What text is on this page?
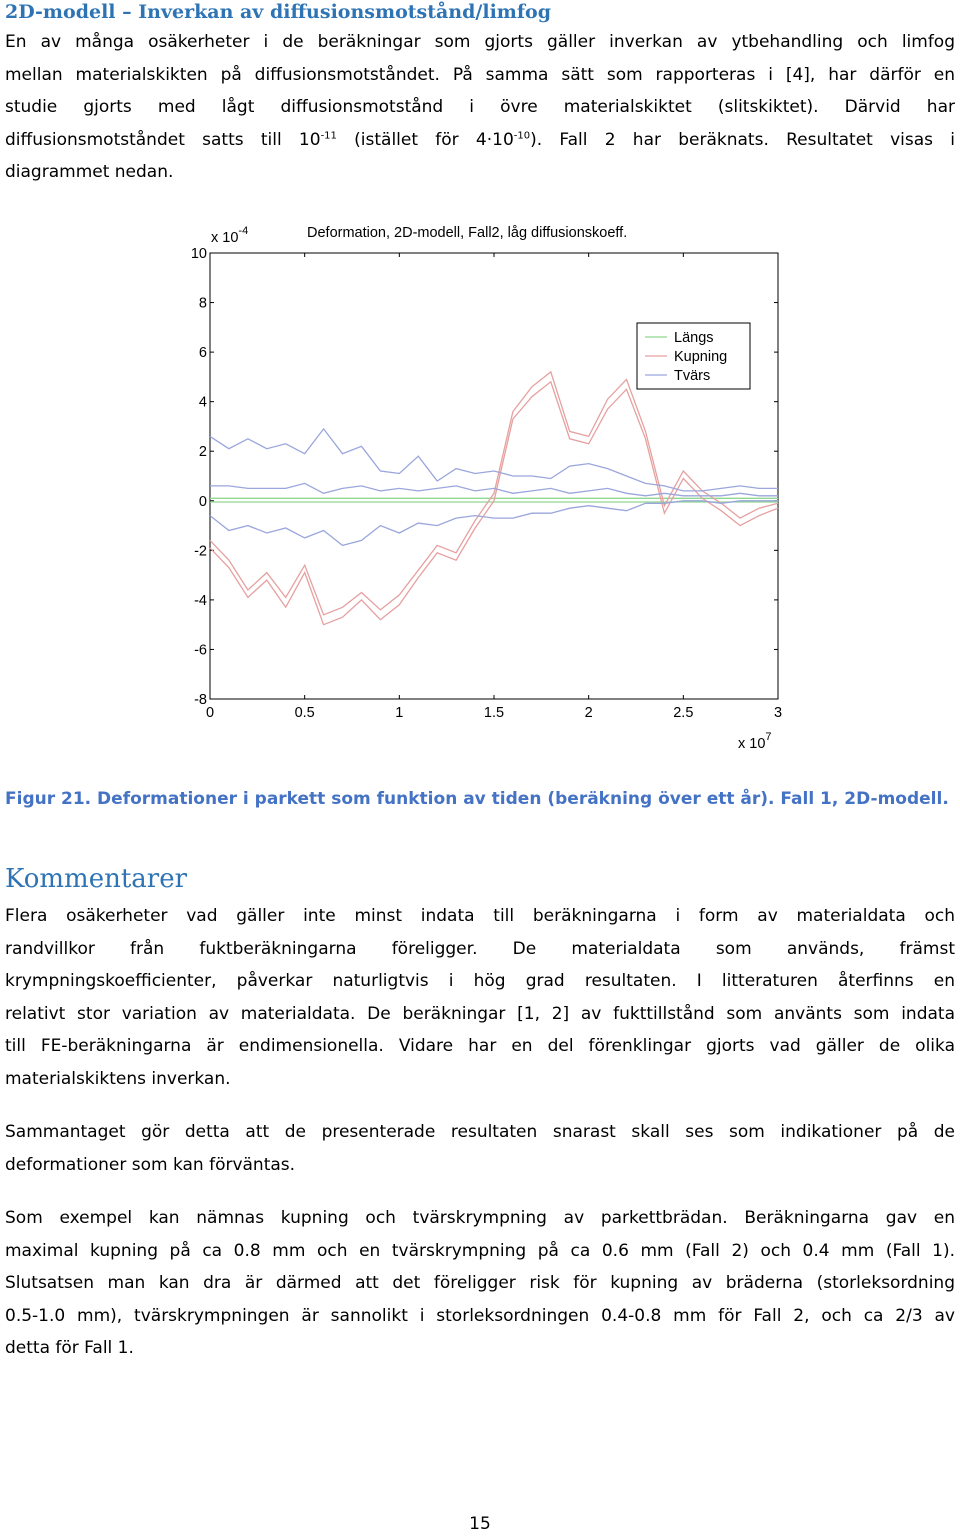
2D-modell – Inverkan av diffusionsmotstånd/limfog
En av många osäkerheter i de beräkningar som gjorts gäller inverkan av ytbehandling och limfog
mellan materialskikten på diffusionsmotståndet. På samma sätt som rapporteras i [4], har därför en
studie gjorts med lågt diffusionsmotstånd i övre materialskiktet (slitskiktet). Därvid har
diffusionsmotståndet satts till $10^{-11}$ (istället för $4\cdot 10^{-10}$). Fall 2 har beräknats. Resultatet visas i
diagrammet nedan.
10
8
6
4
2
0
-2
-4
-6
-8
0	0.5	1	1.5	2	2.5	3
Deformation, 2D-modell, Fall2, låg diffusionskoeff.
x $10^{-4}$
x $10^7$
Längs
Kupning
Tvärs
Figur 21. Deformationer i parkett som funktion av tiden (beräkning över ett år). Fall 1, 2D-modell.
Kommentarer
Flera osäkerheter vad gäller inte minst indata till beräkningarna i form av materialdata och
randvillkor från fuktberäkningarna föreligger. De materialdata som används, främst
krympningskoefficienter, påverkar naturligtvis i hög grad resultaten. I litteraturen återfinns en
relativt stor variation av materialdata. De beräkningar [1, 2] av fukttillstånd som använts som indata
till FE-beräkningarna är endimensionella. Vidare har en del förenklingar gjorts vad gäller de olika
materialskiktens inverkan.
Sammantaget gör detta att de presenterade resultaten snarast skall ses som indikationer på de
deformationer som kan förväntas.
Som exempel kan nämnas kupning och tvärskrympning av parkettbrädan. Beräkningarna gav en
maximal kupning på ca 0.8 mm och en tvärskrympning på ca 0.6 mm (Fall 2) och 0.4 mm (Fall 1).
Slutsatsen man kan dra är därmed att det föreligger risk för kupning av bräderna (storleksordning
0.5-1.0 mm), tvärskrympningen är sannolikt i storleksordningen 0.4-0.8 mm för Fall 2, och ca 2/3 av
detta för Fall 1.
15
